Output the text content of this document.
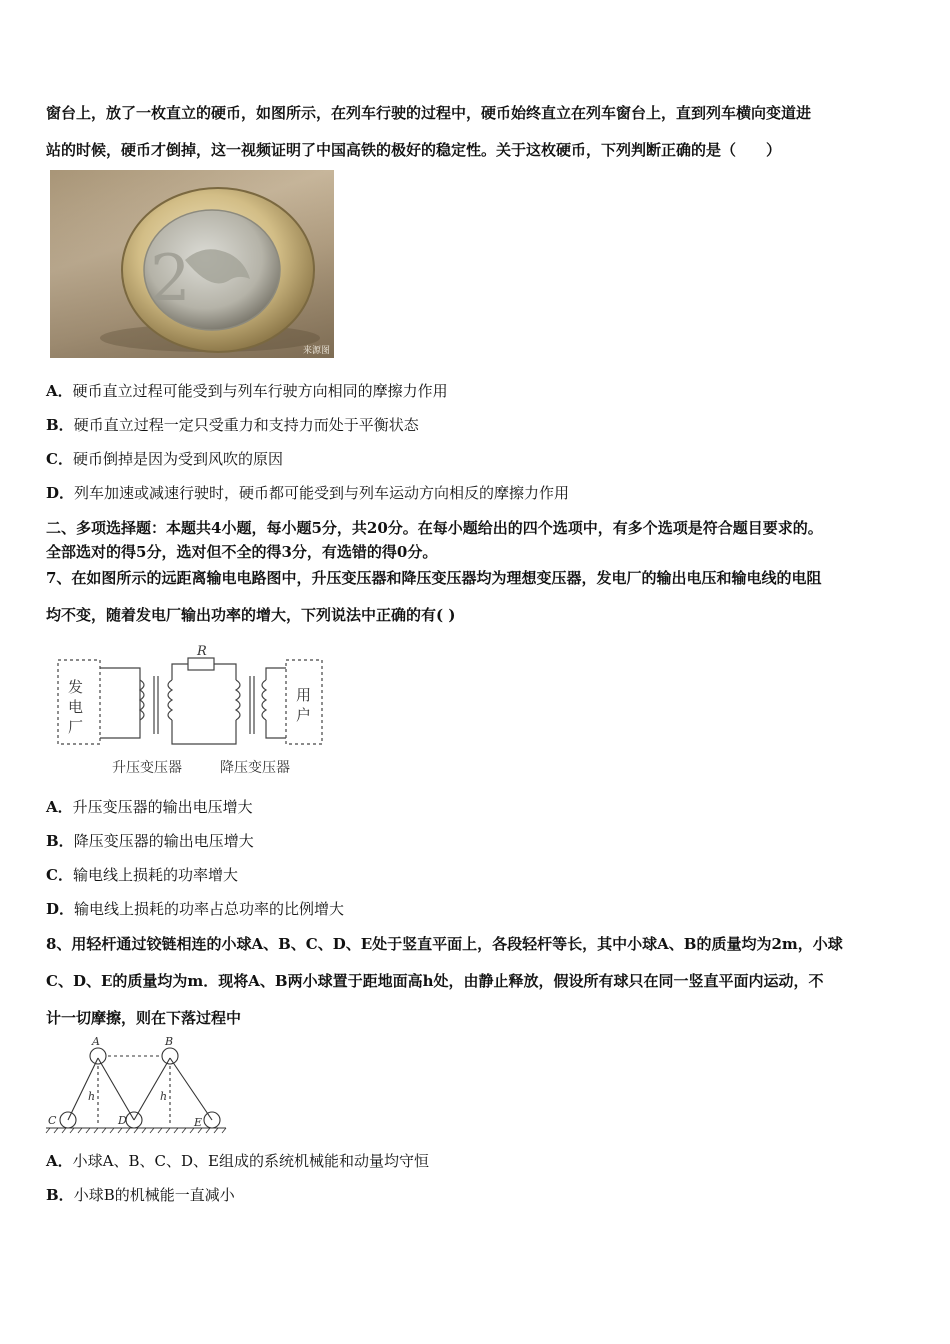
窗台上，放了一枚直立的硬币，如图所示，在列车行驶的过程中，硬币始终直立在列车窗台上，直到列车横向变道进
站的时候，硬币才倒掉，这一视频证明了中国高铁的极好的稳定性。关于这枚硬币，下列判断正确的是（　　）
2
来源图
A．硬币直立过程可能受到与列车行驶方向相同的摩擦力作用
B．硬币直立过程一定只受重力和支持力而处于平衡状态
C．硬币倒掉是因为受到风吹的原因
D．列车加速或减速行驶时，硬币都可能受到与列车运动方向相反的摩擦力作用
二、多项选择题：本题共4小题，每小题5分，共20分。在每小题给出的四个选项中，有多个选项是符合题目要求的。
全部选对的得5分，选对但不全的得3分，有选错的得0分。
7、在如图所示的远距离输电电路图中，升压变压器和降压变压器均为理想变压器，发电厂的输出电压和输电线的电阻
均不变，随着发电厂输出功率的增大，下列说法中正确的有( )
R
发
电
厂
用
户
升压变压器	降压变压器
A．升压变压器的输出电压增大
B．降压变压器的输出电压增大
C．输电线上损耗的功率增大
D．输电线上损耗的功率占总功率的比例增大
8、用轻杆通过铰链相连的小球A、B、C、D、E处于竖直平面上，各段轻杆等长，其中小球A、B的质量均为2m，小球
C、D、E的质量均为m．现将A、B两小球置于距地面高h处，由静止释放，假设所有球只在同一竖直平面内运动，不
计一切摩擦，则在下落过程中
A	B
C	D	E
h	h
A．小球A、B、C、D、E组成的系统机械能和动量均守恒
B．小球B的机械能一直减小
